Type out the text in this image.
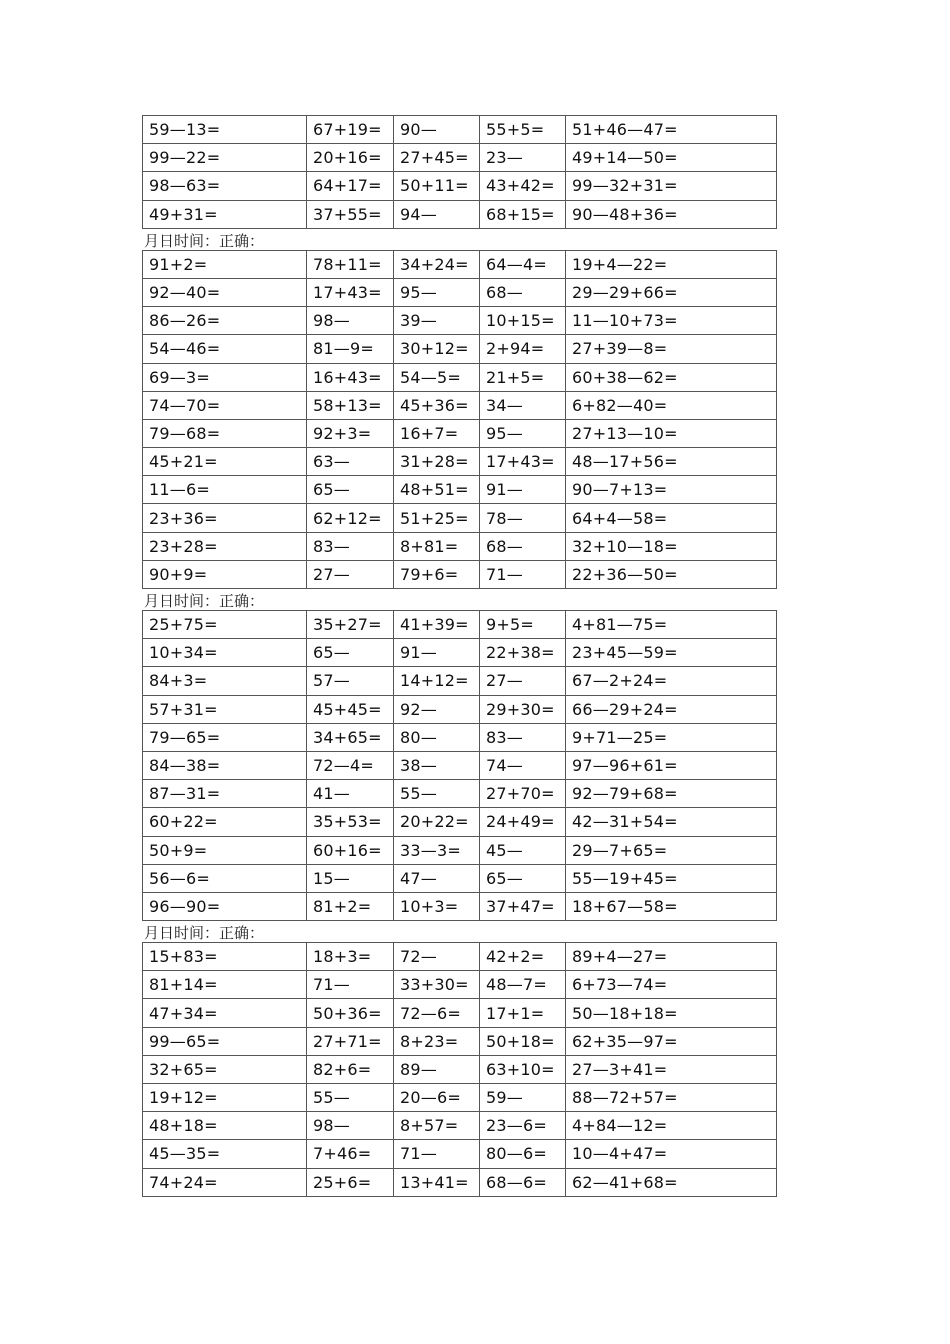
59—13=	67+19=	90—	55+5=	51+46—47=
99—22=	20+16=	27+45=	23—	49+14—50=
98—63=	64+17=	50+11=	43+42=	99—32+31=
49+31=	37+55=	94—	68+15=	90—48+36=
月日时间：正确：
91+2=	78+11=	34+24=	64—4=	19+4—22=
92—40=	17+43=	95—	68—	29—29+66=
86—26=	98—	39—	10+15=	11—10+73=
54—46=	81—9=	30+12=	2+94=	27+39—8=
69—3=	16+43=	54—5=	21+5=	60+38—62=
74—70=	58+13=	45+36=	34—	6+82—40=
79—68=	92+3=	16+7=	95—	27+13—10=
45+21=	63—	31+28=	17+43=	48—17+56=
11—6=	65—	48+51=	91—	90—7+13=
23+36=	62+12=	51+25=	78—	64+4—58=
23+28=	83—	8+81=	68—	32+10—18=
90+9=	27—	79+6=	71—	22+36—50=
月日时间：正确：
25+75=	35+27=	41+39=	9+5=	4+81—75=
10+34=	65—	91—	22+38=	23+45—59=
84+3=	57—	14+12=	27—	67—2+24=
57+31=	45+45=	92—	29+30=	66—29+24=
79—65=	34+65=	80—	83—	9+71—25=
84—38=	72—4=	38—	74—	97—96+61=
87—31=	41—	55—	27+70=	92—79+68=
60+22=	35+53=	20+22=	24+49=	42—31+54=
50+9=	60+16=	33—3=	45—	29—7+65=
56—6=	15—	47—	65—	55—19+45=
96—90=	81+2=	10+3=	37+47=	18+67—58=
月日时间：正确：
15+83=	18+3=	72—	42+2=	89+4—27=
81+14=	71—	33+30=	48—7=	6+73—74=
47+34=	50+36=	72—6=	17+1=	50—18+18=
99—65=	27+71=	8+23=	50+18=	62+35—97=
32+65=	82+6=	89—	63+10=	27—3+41=
19+12=	55—	20—6=	59—	88—72+57=
48+18=	98—	8+57=	23—6=	4+84—12=
45—35=	7+46=	71—	80—6=	10—4+47=
74+24=	25+6=	13+41=	68—6=	62—41+68=
